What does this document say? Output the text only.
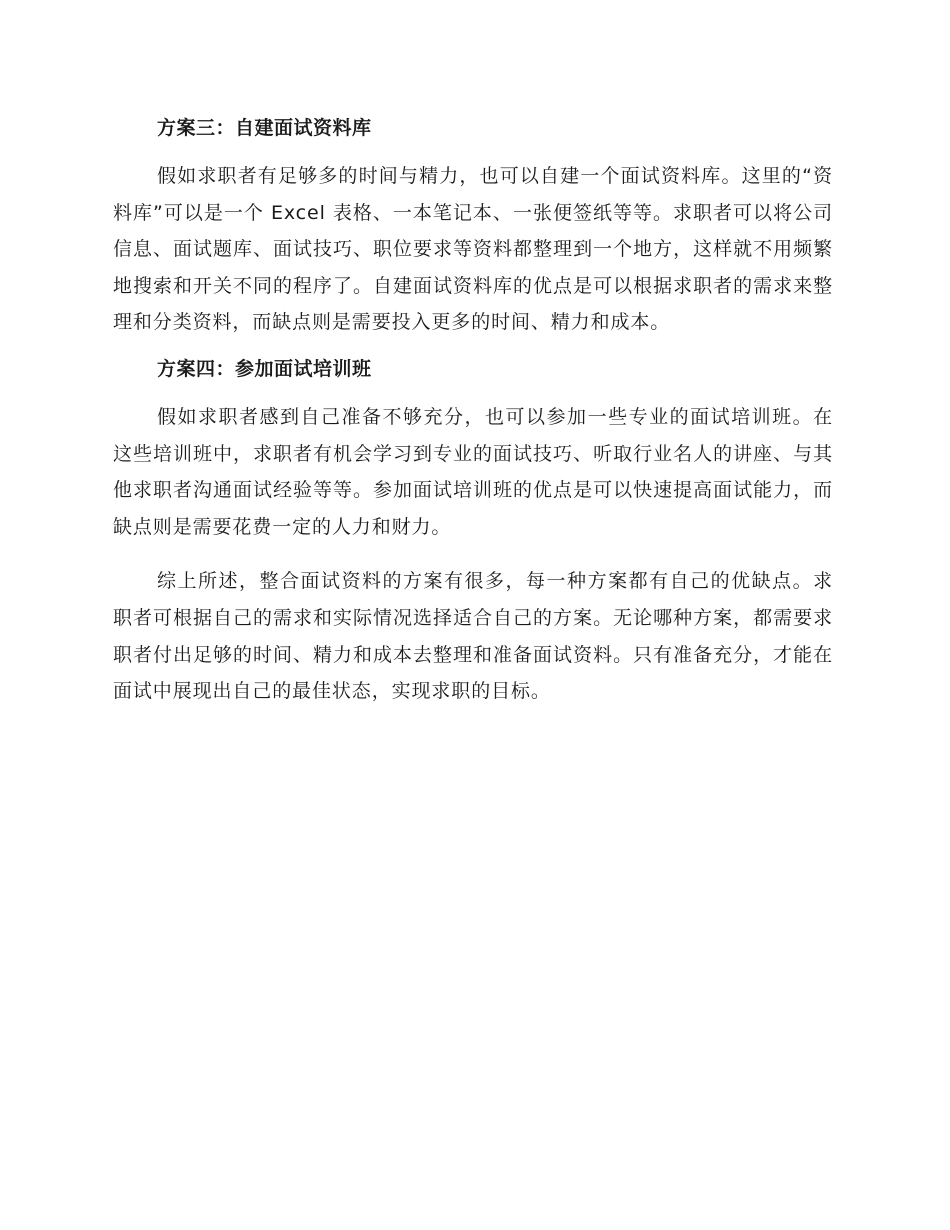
方案三：自建面试资料库

假如求职者有足够多的时间与精力，也可以自建一个面试资料库。这里的“资料库”可以是一个 Excel 表格、一本笔记本、一张便签纸等等。求职者可以将公司信息、面试题库、面试技巧、职位要求等资料都整理到一个地方，这样就不用频繁地搜索和开关不同的程序了。自建面试资料库的优点是可以根据求职者的需求来整理和分类资料，而缺点则是需要投入更多的时间、精力和成本。

方案四：参加面试培训班

假如求职者感到自己准备不够充分，也可以参加一些专业的面试培训班。在这些培训班中，求职者有机会学习到专业的面试技巧、听取行业名人的讲座、与其他求职者沟通面试经验等等。参加面试培训班的优点是可以快速提高面试能力，而缺点则是需要花费一定的人力和财力。

综上所述，整合面试资料的方案有很多，每一种方案都有自己的优缺点。求职者可根据自己的需求和实际情况选择适合自己的方案。无论哪种方案，都需要求职者付出足够的时间、精力和成本去整理和准备面试资料。只有准备充分，才能在面试中展现出自己的最佳状态，实现求职的目标。
